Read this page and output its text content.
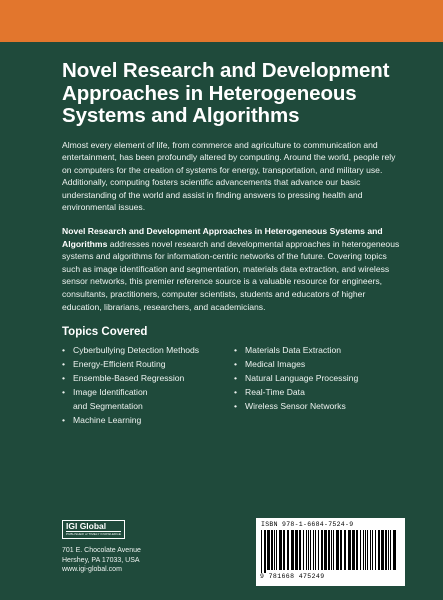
Novel Research and Development
Approaches in Heterogeneous
Systems and Algorithms

Almost every element of life, from commerce and agriculture to communication and entertainment, has been profoundly altered by computing. Around the world, people rely on computers for the creation of systems for energy, transportation, and military use. Additionally, computing fosters scientific advancements that advance our basic understanding of the world and assist in finding answers to pressing health and environmental issues.

Novel Research and Development Approaches in Heterogeneous Systems and Algorithms addresses novel research and developmental approaches in heterogeneous systems and algorithms for information-centric networks of the future. Covering topics such as image identification and segmentation, materials data extraction, and wireless sensor networks, this premier reference source is a valuable resource for engineers, consultants, practitioners, computer scientists, students and educators of higher education, librarians, researchers, and academicians.

Topics Covered
• Cyberbullying Detection Methods
• Energy-Efficient Routing
• Ensemble-Based Regression
• Image Identification
and Segmentation
• Machine Learning
• Materials Data Extraction
• Medical Images
• Natural Language Processing
• Real-Time Data
• Wireless Sensor Networks
IGI Global
PUBLISHER of TIMELY KNOWLEDGE
701 E. Chocolate Avenue
Hershey, PA 17033, USA
www.igi-global.com
ISBN 978-1-6684-7524-9
9 781668 475249
